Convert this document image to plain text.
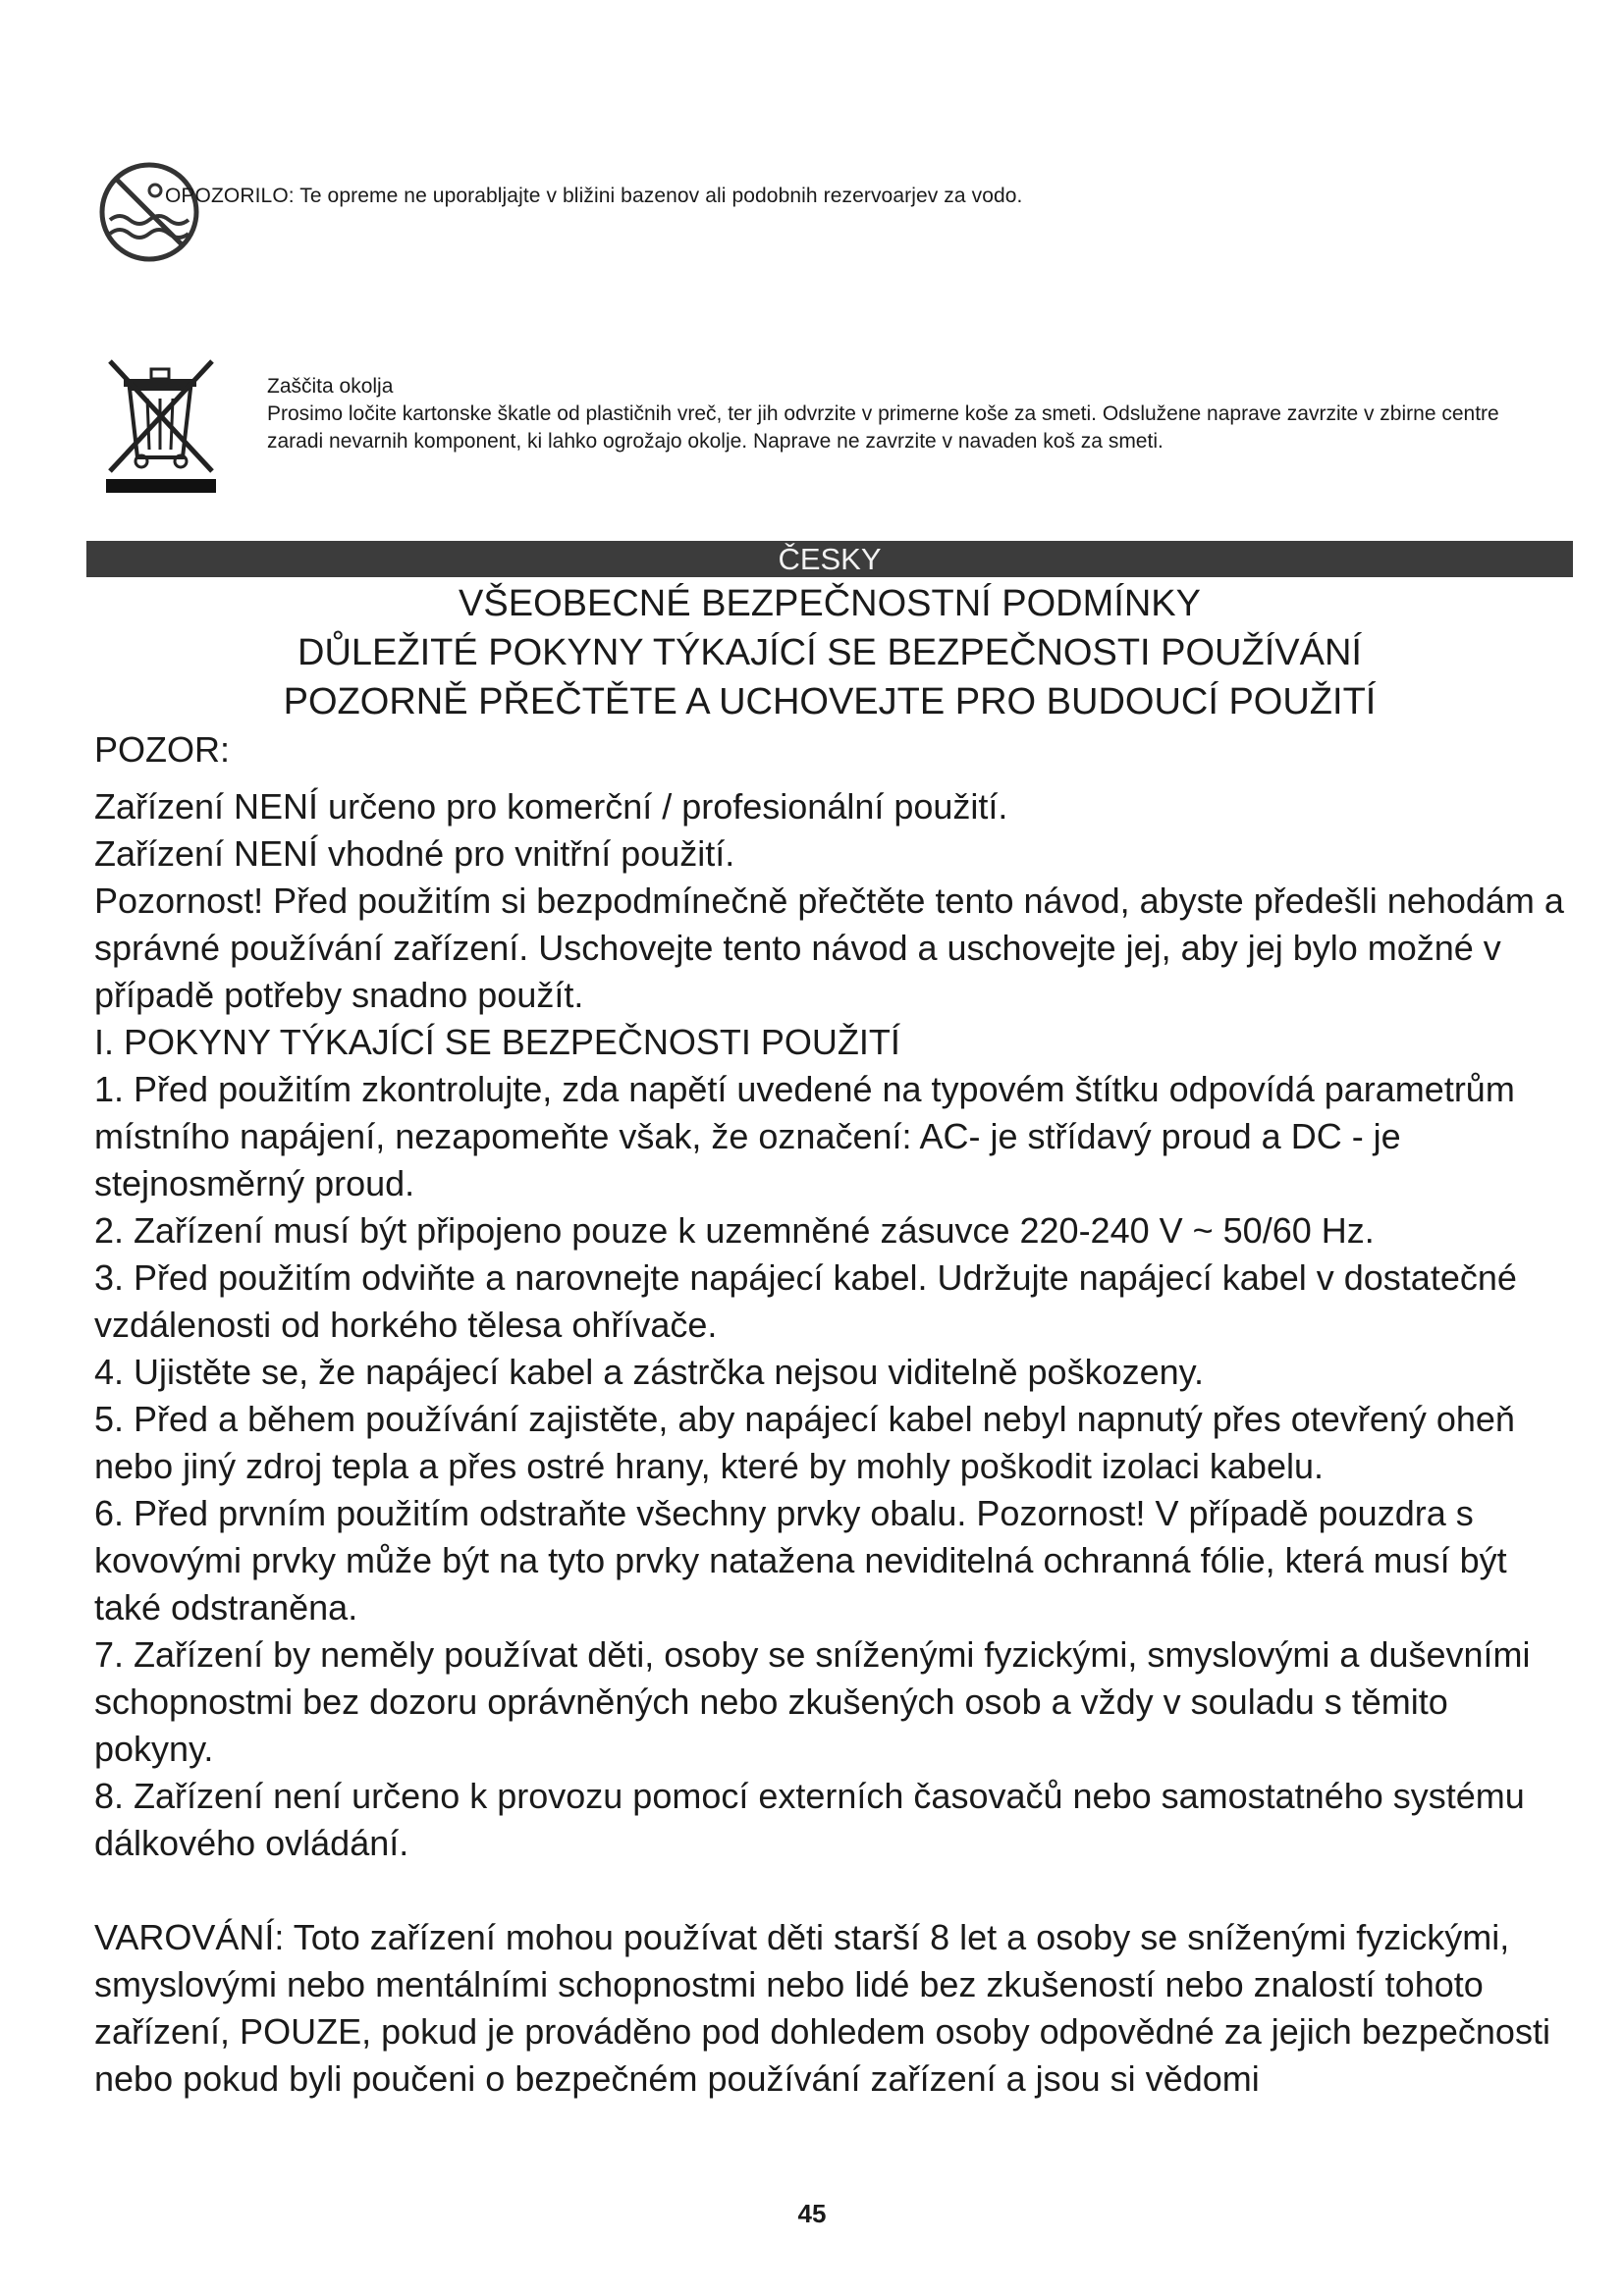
OPOZORILO: Te opreme ne uporabljajte v bližini bazenov ali podobnih rezervoarjev za vodo.
Zaščita okolja
Prosimo ločite kartonske škatle od plastičnih vreč, ter jih odvrzite v primerne koše za smeti. Odslužene naprave zavrzite v zbirne centre zaradi nevarnih komponent, ki lahko ogrožajo okolje. Naprave ne zavrzite v navaden koš za smeti.
ČESKY
VŠEOBECNÉ BEZPEČNOSTNÍ PODMÍNKY
DŮLEŽITÉ POKYNY TÝKAJÍCÍ SE BEZPEČNOSTI POUŽÍVÁNÍ
POZORNĚ PŘEČTĚTE A UCHOVEJTE PRO BUDOUCÍ POUŽITÍ

POZOR:

Zařízení NENÍ určeno pro komerční / profesionální použití.

Zařízení NENÍ vhodné pro vnitřní použití.

Pozornost! Před použitím si bezpodmínečně přečtěte tento návod, abyste předešli nehodám a správné používání zařízení. Uschovejte tento návod a uschovejte jej, aby jej bylo možné v případě potřeby snadno použít.

I. POKYNY TÝKAJÍCÍ SE BEZPEČNOSTI POUŽITÍ

1. Před použitím zkontrolujte, zda napětí uvedené na typovém štítku odpovídá parametrům místního napájení, nezapomeňte však, že označení: AC- je střídavý proud a DC - je stejnosměrný proud.

2. Zařízení musí být připojeno pouze k uzemněné zásuvce 220-240 V ~ 50/60 Hz.

3. Před použitím odviňte a narovnejte napájecí kabel. Udržujte napájecí kabel v dostatečné vzdálenosti od horkého tělesa ohřívače.

4. Ujistěte se, že napájecí kabel a zástrčka nejsou viditelně poškozeny.

5. Před a během používání zajistěte, aby napájecí kabel nebyl napnutý přes otevřený oheň nebo jiný zdroj tepla a přes ostré hrany, které by mohly poškodit izolaci kabelu.

6. Před prvním použitím odstraňte všechny prvky obalu. Pozornost! V případě pouzdra s kovovými prvky může být na tyto prvky natažena neviditelná ochranná fólie, která musí být také odstraněna.

7. Zařízení by neměly používat děti, osoby se sníženými fyzickými, smyslovými a duševními schopnostmi bez dozoru oprávněných nebo zkušených osob a vždy v souladu s těmito pokyny.

8. Zařízení není určeno k provozu pomocí externích časovačů nebo samostatného systému dálkového ovládání.

VAROVÁNÍ: Toto zařízení mohou používat děti starší 8 let a osoby se sníženými fyzickými, smyslovými nebo mentálními schopnostmi nebo lidé bez zkušeností nebo znalostí tohoto zařízení, POUZE, pokud je prováděno pod dohledem osoby odpovědné za jejich bezpečnosti nebo pokud byli poučeni o bezpečném používání zařízení a jsou si vědomi

45
